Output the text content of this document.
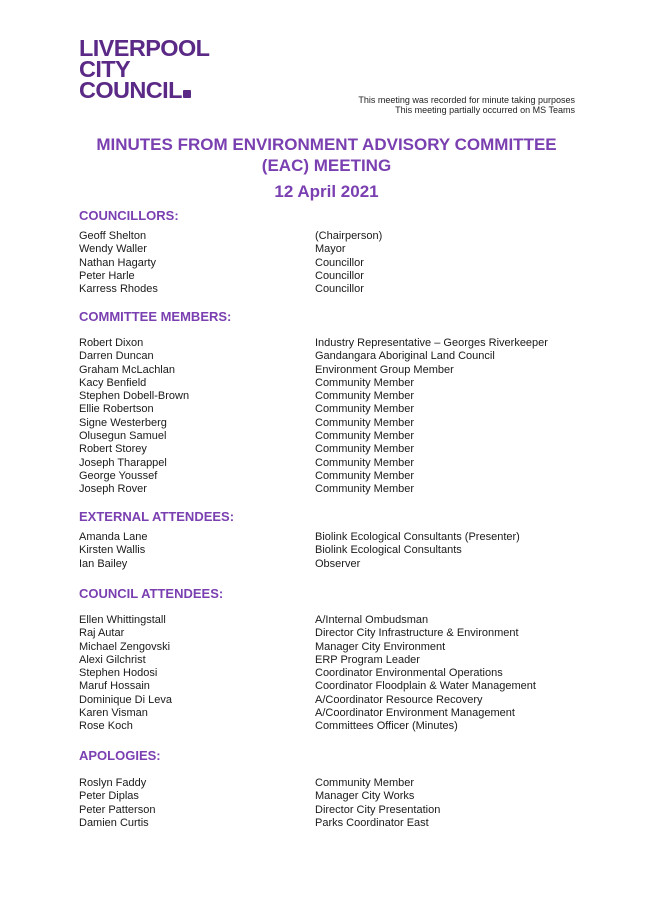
LIVERPOOL
CITY
COUNCIL	This meeting was recorded for minute taking purposes
This meeting partially occurred on MS Teams
MINUTES FROM ENVIRONMENT ADVISORY COMMITTEE
(EAC) MEETING
12 April 2021
COUNCILLORS:
Geoff Shelton	(Chairperson)
Wendy Waller	Mayor
Nathan Hagarty	Councillor
Peter Harle	Councillor
Karress Rhodes	Councillor
COMMITTEE MEMBERS:
Robert Dixon	Industry Representative – Georges Riverkeeper
Darren Duncan	Gandangara Aboriginal Land Council
Graham McLachlan	Environment Group Member
Kacy Benfield	Community Member
Stephen Dobell-Brown	Community Member
Ellie Robertson	Community Member
Signe Westerberg	Community Member
Olusegun Samuel	Community Member
Robert Storey	Community Member
Joseph Tharappel	Community Member
George Youssef	Community Member
Joseph Rover	Community Member
EXTERNAL ATTENDEES:
Amanda Lane	Biolink Ecological Consultants (Presenter)
Kirsten Wallis	Biolink Ecological Consultants
Ian Bailey	Observer
COUNCIL ATTENDEES:
Ellen Whittingstall	A/Internal Ombudsman
Raj Autar	Director City Infrastructure & Environment
Michael Zengovski	Manager City Environment
Alexi Gilchrist	ERP Program Leader
Stephen Hodosi	Coordinator Environmental Operations
Maruf Hossain	Coordinator Floodplain & Water Management
Dominique Di Leva	A/Coordinator Resource Recovery
Karen Visman	A/Coordinator Environment Management
Rose Koch	Committees Officer (Minutes)
APOLOGIES:
Roslyn Faddy	Community Member
Peter Diplas	Manager City Works
Peter Patterson	Director City Presentation
Damien Curtis	Parks Coordinator East
